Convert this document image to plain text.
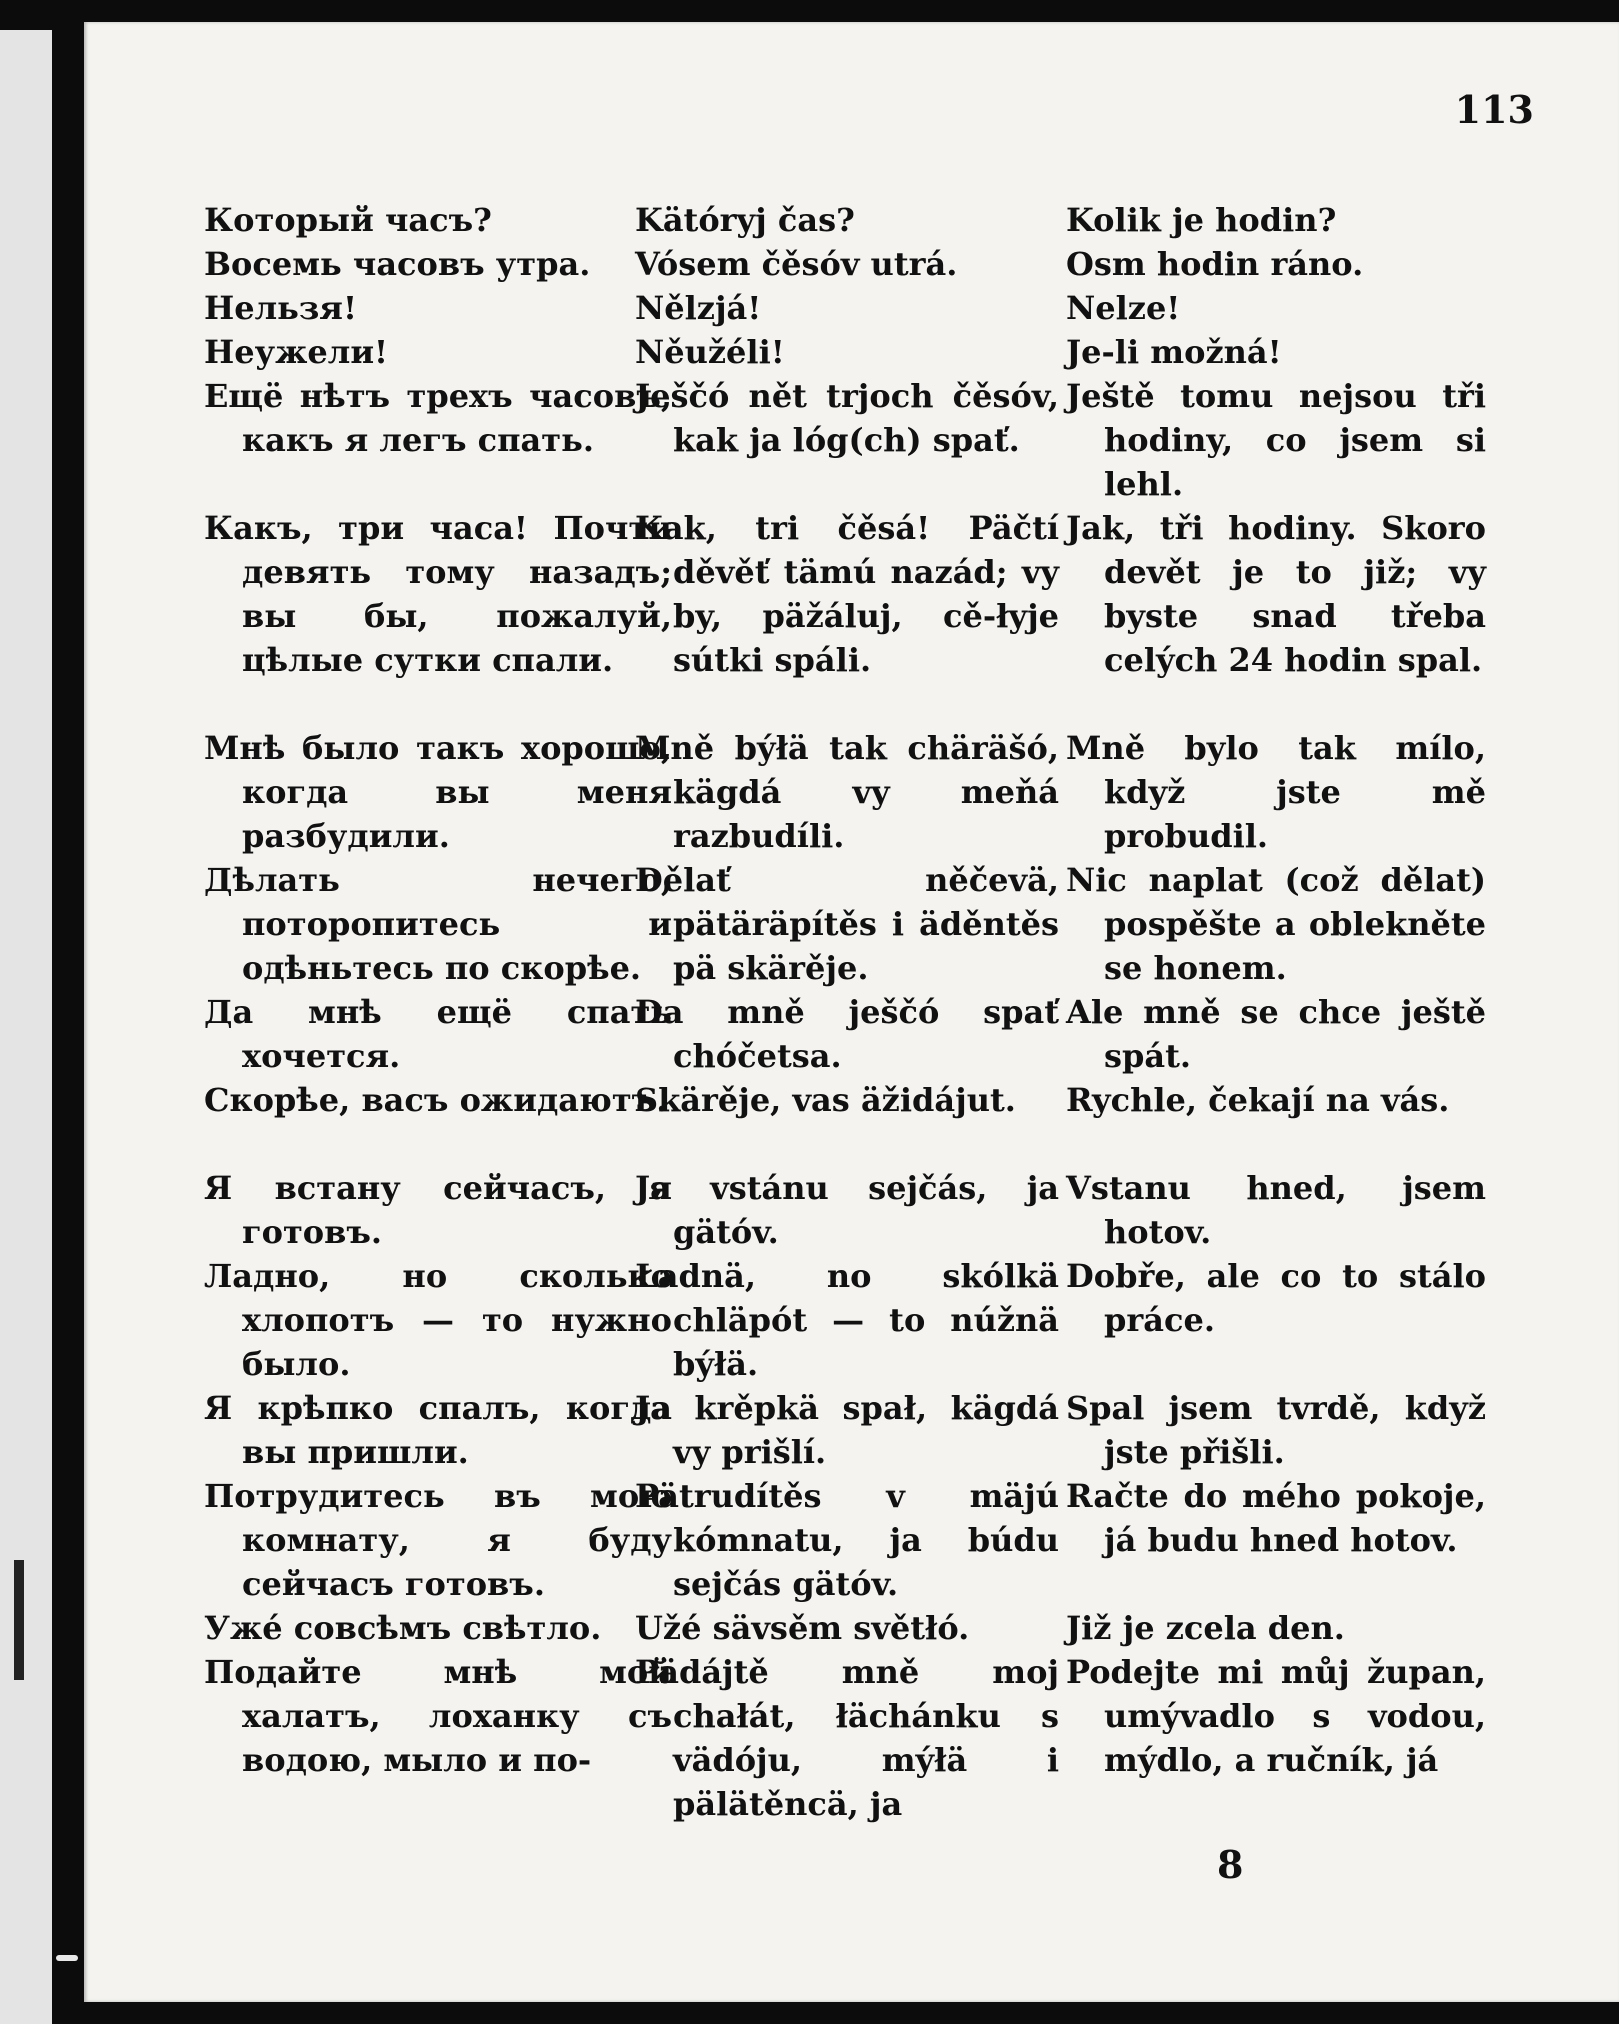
113
Который часъ?
Восемь часовъ утра.
Нельзя!
Неужели!
Ещё нѣтъ трехъ часовъ, какъ я легъ спать.
Какъ, три часа! Почти девять тому назадъ; вы бы, пожалуй, цѣлые сутки спали.
Мнѣ было такъ хорошо, когда вы меня разбудили.
Дѣлать нечего, поторопитесь и одѣньтесь по скорѣе.
Да мнѣ ещё спать хочется.
Скорѣе, васъ ожидаютъ.
Я встану сейчасъ, я готовъ.
Ладно, но сколько хлопотъ — то нужно было.
Я крѣпко спалъ, когда вы пришли.
Потрудитесь въ мою комнату, я буду сейчасъ готовъ.
Ужé совсѣмъ свѣтло.
Подайте мнѣ мой халатъ, лоханку съ водою, мыло и по-
Kätóryj čas?
Vósem čěsóv utrá.
Nělzjá!
Něužéli!
Ješčó nět trjoch čěsóv, kak ja lóg(ch) spať.
Kak, tri čěsá! Päčtí děvěť tämú nazád; vy by, päžáluj, cě-łyje sútki spáli.
Mně býłä tak chäräšó, kägdá vy meňá razbudíli.
Dělať něčevä, pätäräpítěs i äděntěs pä skärěje.
Da mně ješčó spať chóčetsa.
Skärěje, vas äžidájut.
Ja vstánu sejčás, ja gätóv.
Ładnä, no skólkä chläpót — to núžnä býłä.
Ja krěpkä spał, kägdá vy prišlí.
Pätrudítěs v mäjú kómnatu, ja búdu sejčás gätóv.
Užé sävsěm světłó.
Pädájtě mně moj chałát, łächánku s vädóju, mýłä i pälätěncä, ja
Kolik je hodin?
Osm hodin ráno.
Nelze!
Je-li možná!
Ještě tomu nejsou tři hodiny, co jsem si lehl.
Jak, tři hodiny. Skoro devět je to již; vy byste snad třeba celých 24 hodin spal.
Mně bylo tak mílo, když jste mě probudil.
Nic naplat (což dělat) pospěšte a oblekněte se honem.
Ale mně se chce ještě spát.
Rychle, čekají na vás.
Vstanu hned, jsem hotov.
Dobře, ale co to stálo práce.
Spal jsem tvrdě, když jste přišli.
Račte do mého pokoje, já budu hned hotov.
Již je zcela den.
Podejte mi můj župan, umývadlo s vodou, mýdlo, a ručník, já
8
